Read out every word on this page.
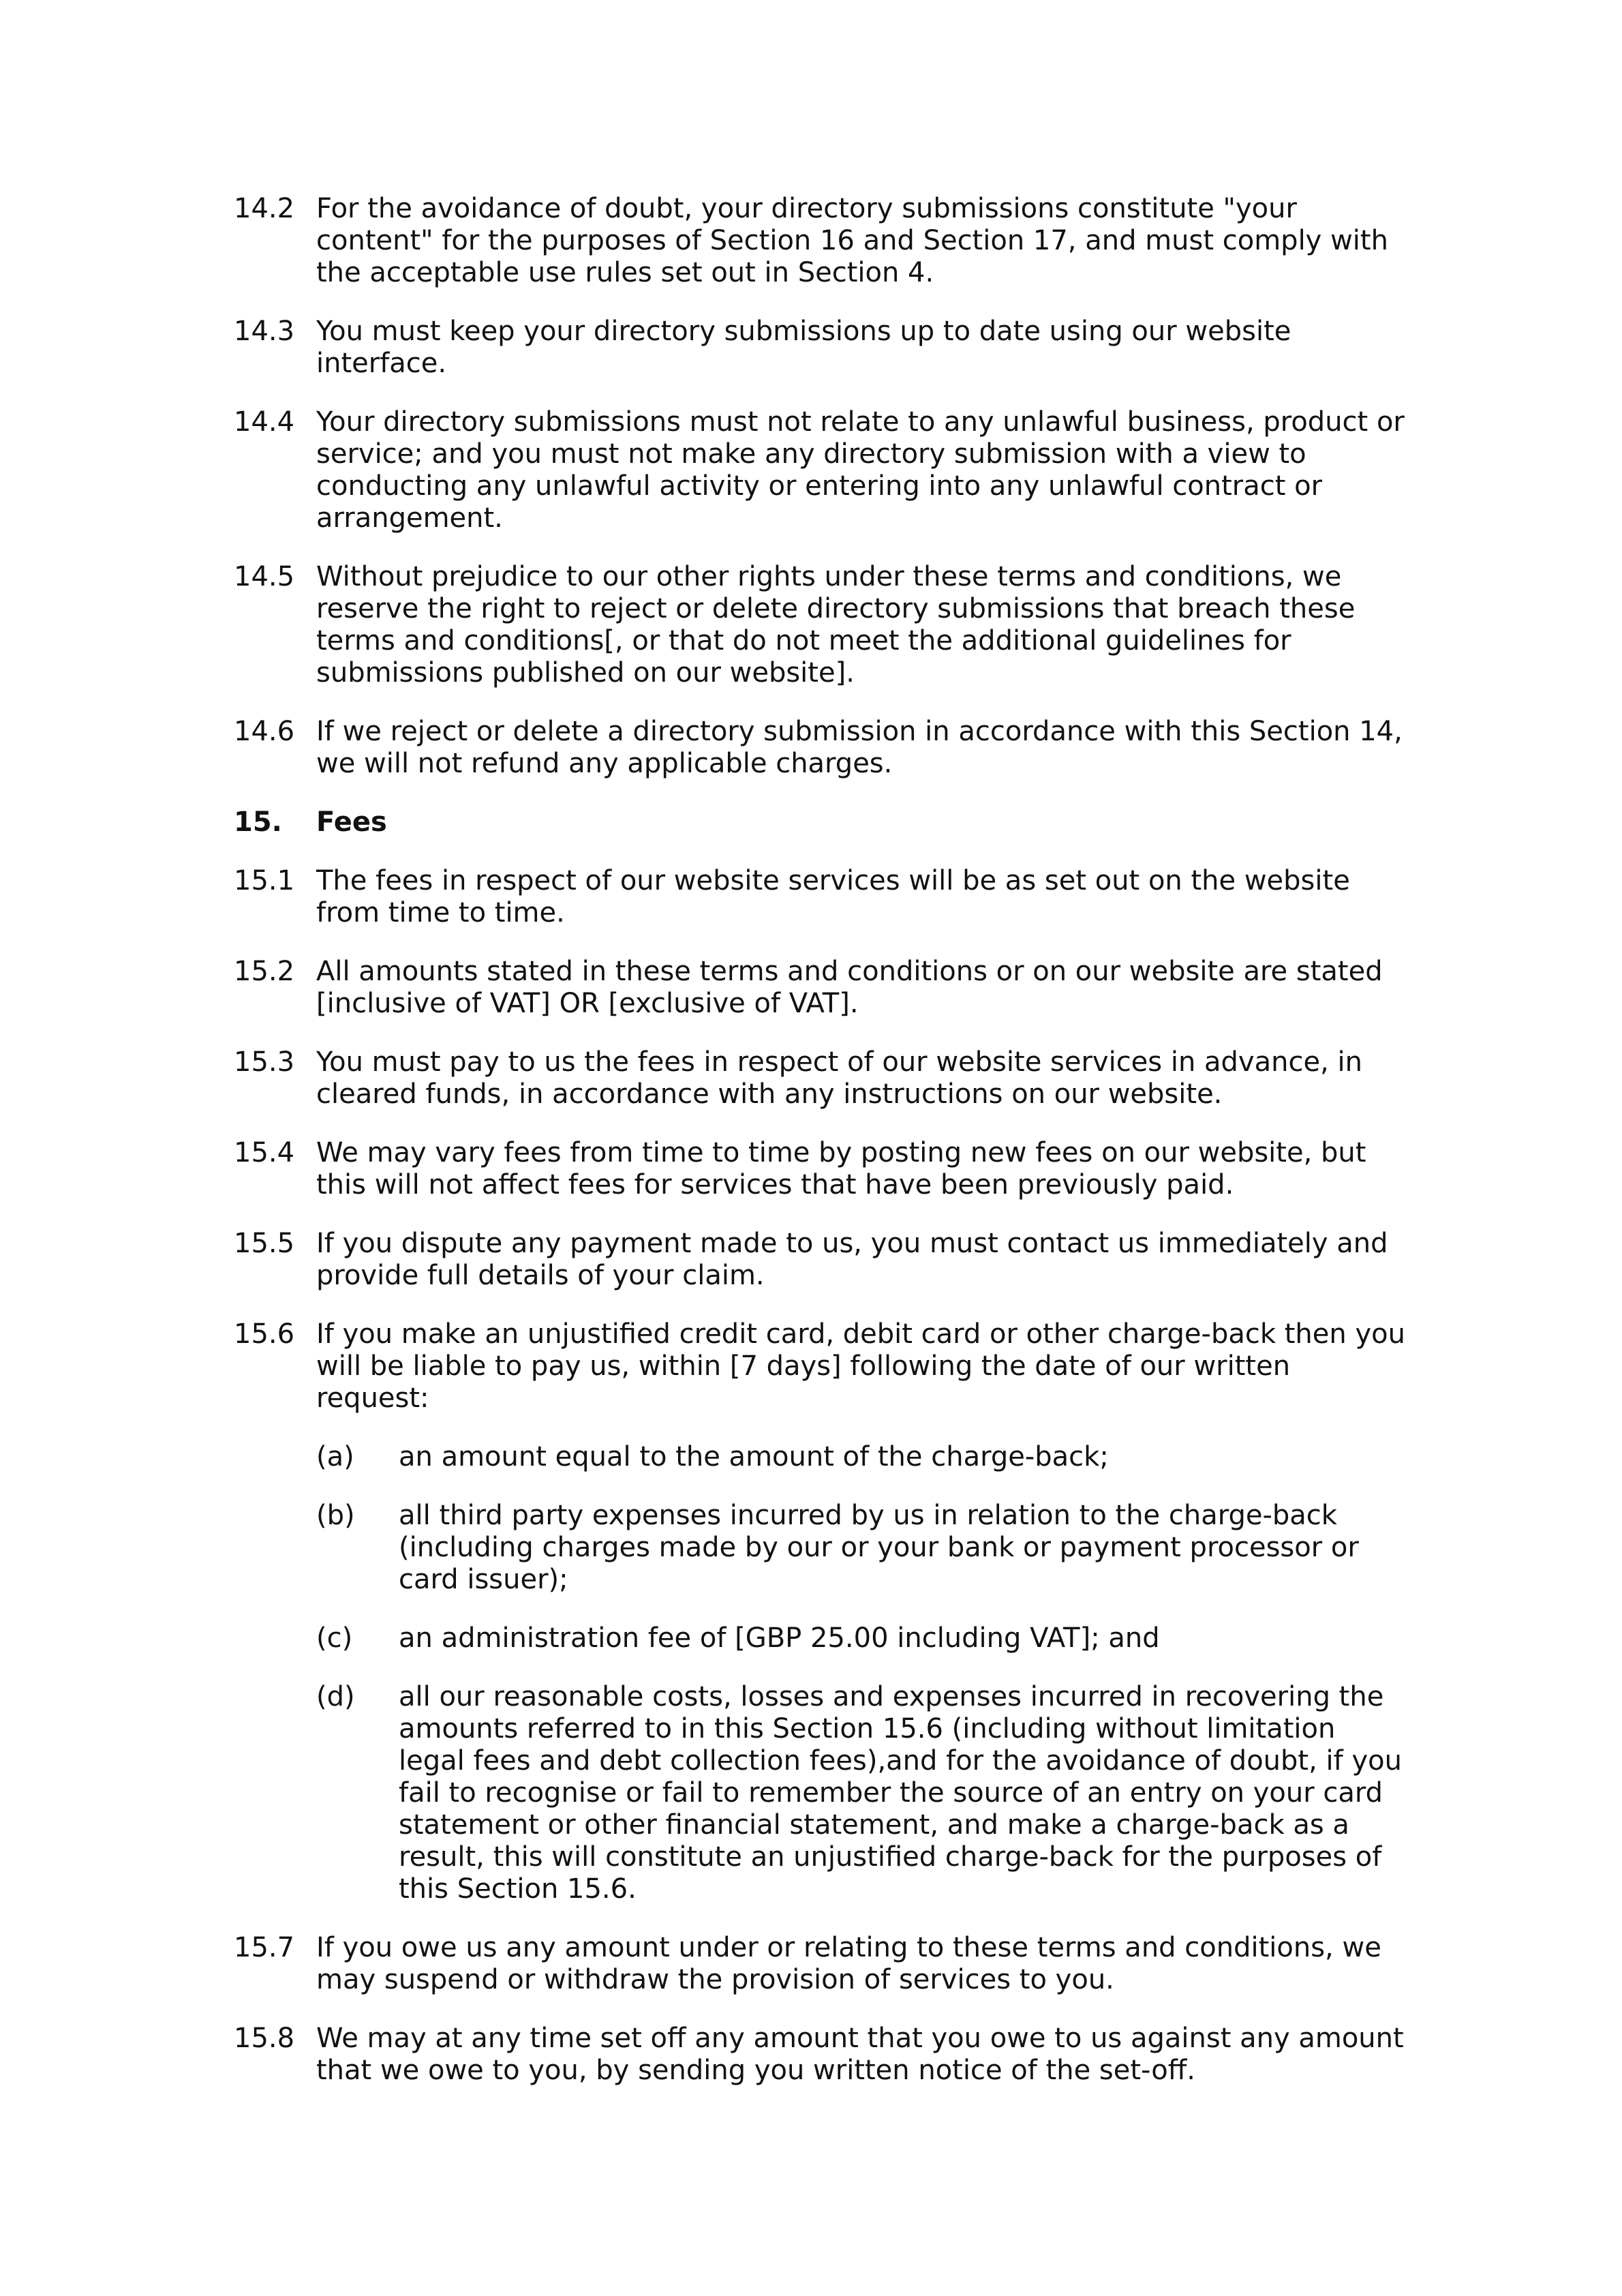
14.2 For the avoidance of doubt, your directory submissions constitute "your content" for the purposes of Section 16 and Section 17, and must comply with the acceptable use rules set out in Section 4.
14.3 You must keep your directory submissions up to date using our website interface.
14.4 Your directory submissions must not relate to any unlawful business, product or service; and you must not make any directory submission with a view to conducting any unlawful activity or entering into any unlawful contract or arrangement.
14.5 Without prejudice to our other rights under these terms and conditions, we reserve the right to reject or delete directory submissions that breach these terms and conditions[, or that do not meet the additional guidelines for submissions published on our website].
14.6 If we reject or delete a directory submission in accordance with this Section 14, we will not refund any applicable charges.
15.	Fees
15.1 The fees in respect of our website services will be as set out on the website from time to time.
15.2 All amounts stated in these terms and conditions or on our website are stated [inclusive of VAT] OR [exclusive of VAT].
15.3 You must pay to us the fees in respect of our website services in advance, in cleared funds, in accordance with any instructions on our website.
15.4 We may vary fees from time to time by posting new fees on our website, but this will not affect fees for services that have been previously paid.
15.5 If you dispute any payment made to us, you must contact us immediately and provide full details of your claim.
15.6 If you make an unjustified credit card, debit card or other charge-back then you will be liable to pay us, within [7 days] following the date of our written request:
(a)	an amount equal to the amount of the charge-back;
(b)	all third party expenses incurred by us in relation to the charge-back (including charges made by our or your bank or payment processor or card issuer);
(c)	an administration fee of [GBP 25.00 including VAT]; and
(d)	all our reasonable costs, losses and expenses incurred in recovering the amounts referred to in this Section 15.6 (including without limitation legal fees and debt collection fees),and for the avoidance of doubt, if you fail to recognise or fail to remember the source of an entry on your card statement or other financial statement, and make a charge-back as a result, this will constitute an unjustified charge-back for the purposes of this Section 15.6.
15.7 If you owe us any amount under or relating to these terms and conditions, we may suspend or withdraw the provision of services to you.
15.8 We may at any time set off any amount that you owe to us against any amount that we owe to you, by sending you written notice of the set-off.
